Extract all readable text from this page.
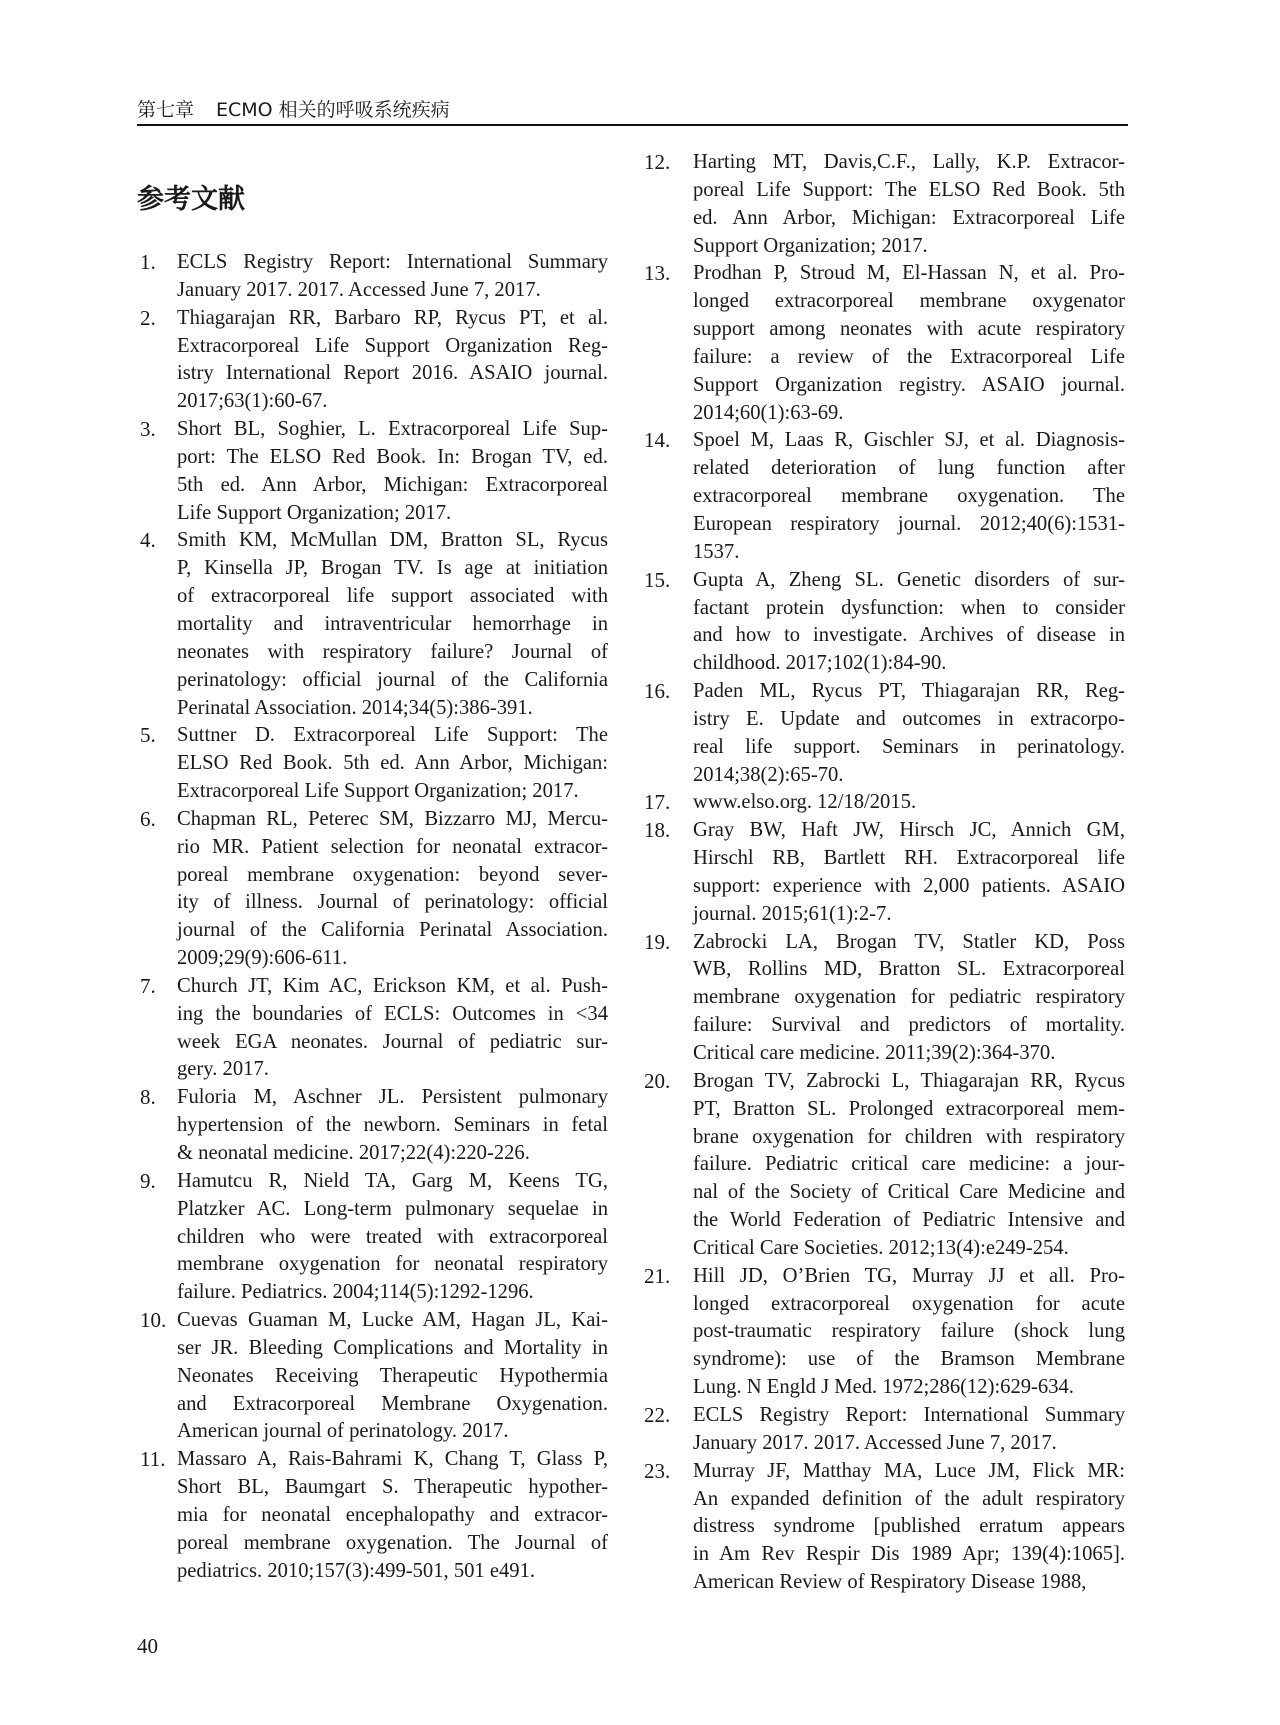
第七章 ECMO 相关的呼吸系统疾病
参考文献
1. ECLS Registry Report: International Summary
January 2017. 2017. Accessed June 7, 2017.
2. Thiagarajan RR, Barbaro RP, Rycus PT, et al.
Extracorporeal Life Support Organization Reg-
istry International Report 2016. ASAIO journal.
2017;63(1):60-67.
3. Short BL, Soghier, L. Extracorporeal Life Sup-
port: The ELSO Red Book. In: Brogan TV, ed.
5th ed. Ann Arbor, Michigan: Extracorporeal
Life Support Organization; 2017.
4. Smith KM, McMullan DM, Bratton SL, Rycus
P, Kinsella JP, Brogan TV. Is age at initiation
of extracorporeal life support associated with
mortality and intraventricular hemorrhage in
neonates with respiratory failure? Journal of
perinatology: official journal of the California
Perinatal Association. 2014;34(5):386-391.
5. Suttner D. Extracorporeal Life Support: The
ELSO Red Book. 5th ed. Ann Arbor, Michigan:
Extracorporeal Life Support Organization; 2017.
6. Chapman RL, Peterec SM, Bizzarro MJ, Mercu-
rio MR. Patient selection for neonatal extracor-
poreal membrane oxygenation: beyond sever-
ity of illness. Journal of perinatology: official
journal of the California Perinatal Association.
2009;29(9):606-611.
7. Church JT, Kim AC, Erickson KM, et al. Push-
ing the boundaries of ECLS: Outcomes in <34
week EGA neonates. Journal of pediatric sur-
gery. 2017.
8. Fuloria M, Aschner JL. Persistent pulmonary
hypertension of the newborn. Seminars in fetal
& neonatal medicine. 2017;22(4):220-226.
9. Hamutcu R, Nield TA, Garg M, Keens TG,
Platzker AC. Long-term pulmonary sequelae in
children who were treated with extracorporeal
membrane oxygenation for neonatal respiratory
failure. Pediatrics. 2004;114(5):1292-1296.
10. Cuevas Guaman M, Lucke AM, Hagan JL, Kai-
ser JR. Bleeding Complications and Mortality in
Neonates Receiving Therapeutic Hypothermia
and Extracorporeal Membrane Oxygenation.
American journal of perinatology. 2017.
11. Massaro A, Rais-Bahrami K, Chang T, Glass P,
Short BL, Baumgart S. Therapeutic hypother-
mia for neonatal encephalopathy and extracor-
poreal membrane oxygenation. The Journal of
pediatrics. 2010;157(3):499-501, 501 e491.
12. Harting MT, Davis,C.F., Lally, K.P. Extracor-
poreal Life Support: The ELSO Red Book. 5th
ed. Ann Arbor, Michigan: Extracorporeal Life
Support Organization; 2017.
13. Prodhan P, Stroud M, El-Hassan N, et al. Pro-
longed extracorporeal membrane oxygenator
support among neonates with acute respiratory
failure: a review of the Extracorporeal Life
Support Organization registry. ASAIO journal.
2014;60(1):63-69.
14. Spoel M, Laas R, Gischler SJ, et al. Diagnosis-
related deterioration of lung function after
extracorporeal membrane oxygenation. The
European respiratory journal. 2012;40(6):1531-
1537.
15. Gupta A, Zheng SL. Genetic disorders of sur-
factant protein dysfunction: when to consider
and how to investigate. Archives of disease in
childhood. 2017;102(1):84-90.
16. Paden ML, Rycus PT, Thiagarajan RR, Reg-
istry E. Update and outcomes in extracorpo-
real life support. Seminars in perinatology.
2014;38(2):65-70.
17. www.elso.org. 12/18/2015.
18. Gray BW, Haft JW, Hirsch JC, Annich GM,
Hirschl RB, Bartlett RH. Extracorporeal life
support: experience with 2,000 patients. ASAIO
journal. 2015;61(1):2-7.
19. Zabrocki LA, Brogan TV, Statler KD, Poss
WB, Rollins MD, Bratton SL. Extracorporeal
membrane oxygenation for pediatric respiratory
failure: Survival and predictors of mortality.
Critical care medicine. 2011;39(2):364-370.
20. Brogan TV, Zabrocki L, Thiagarajan RR, Rycus
PT, Bratton SL. Prolonged extracorporeal mem-
brane oxygenation for children with respiratory
failure. Pediatric critical care medicine: a jour-
nal of the Society of Critical Care Medicine and
the World Federation of Pediatric Intensive and
Critical Care Societies. 2012;13(4):e249-254.
21. Hill JD, O’Brien TG, Murray JJ et all. Pro-
longed extracorporeal oxygenation for acute
post-traumatic respiratory failure (shock lung
syndrome): use of the Bramson Membrane
Lung. N Engld J Med. 1972;286(12):629-634.
22. ECLS Registry Report: International Summary
January 2017. 2017. Accessed June 7, 2017.
23. Murray JF, Matthay MA, Luce JM, Flick MR:
An expanded definition of the adult respiratory
distress syndrome [published erratum appears
in Am Rev Respir Dis 1989 Apr; 139(4):1065].
American Review of Respiratory Disease 1988,
40
